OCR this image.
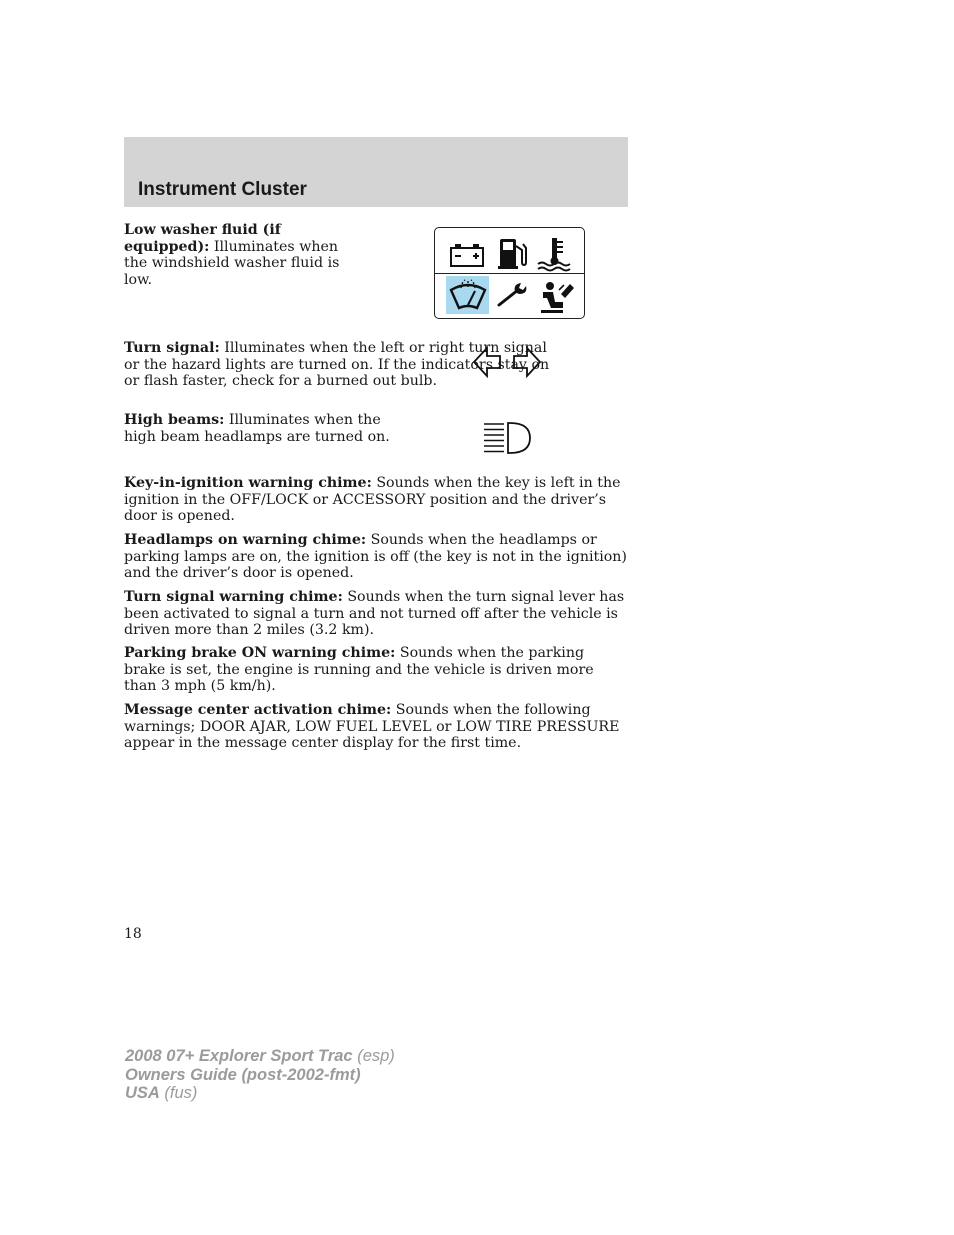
Instrument Cluster

Low washer fluid (if equipped): Illuminates when the windshield washer fluid is low.

Turn signal: Illuminates when the left or right turn signal or the hazard lights are turned on. If the indicators stay on or flash faster, check for a burned out bulb.

High beams: Illuminates when the high beam headlamps are turned on.

Key-in-ignition warning chime: Sounds when the key is left in the ignition in the OFF/LOCK or ACCESSORY position and the driver’s door is opened.

Headlamps on warning chime: Sounds when the headlamps or parking lamps are on, the ignition is off (the key is not in the ignition) and the driver’s door is opened.

Turn signal warning chime: Sounds when the turn signal lever has been activated to signal a turn and not turned off after the vehicle is driven more than 2 miles (3.2 km).

Parking brake ON warning chime: Sounds when the parking brake is set, the engine is running and the vehicle is driven more than 3 mph (5 km/h).

Message center activation chime: Sounds when the following warnings; DOOR AJAR, LOW FUEL LEVEL or LOW TIRE PRESSURE appear in the message center display for the first time.

18

2008 07+ Explorer Sport Trac (esp)
Owners Guide (post-2002-fmt)
USA (fus)
